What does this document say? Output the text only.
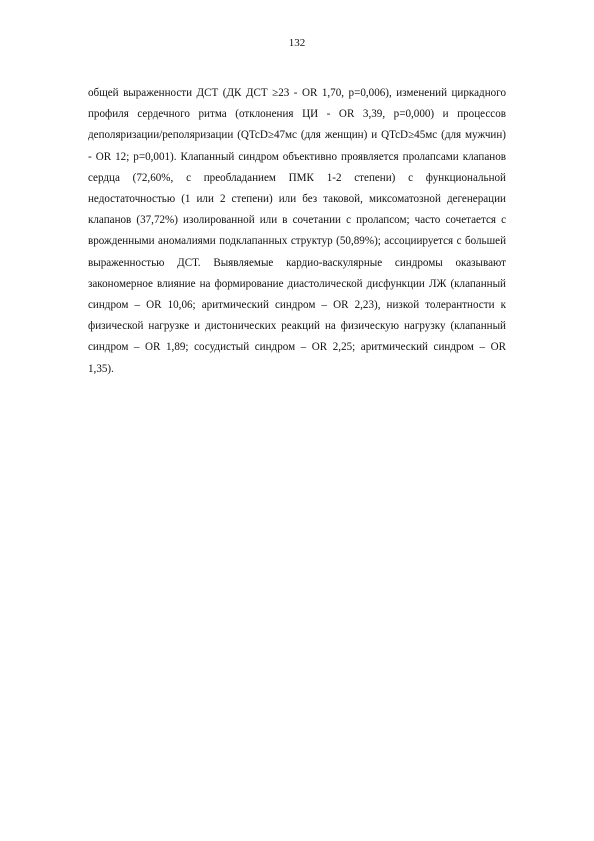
132

общей выраженности ДСТ (ДК ДСТ ≥23 - OR 1,70, p=0,006), изменений циркадного профиля сердечного ритма (отклонения ЦИ - OR 3,39, p=0,000) и процессов деполяризации/реполяризации (QTcD≥47мс (для женщин) и QTcD≥45мс (для мужчин) - OR 12; p=0,001). Клапанный синдром объективно проявляется пролапсами клапанов сердца (72,60%, с преобладанием ПМК 1-2 степени) с функциональной недостаточностью (1 или 2 степени) или без таковой, миксоматозной дегенерации клапанов (37,72%) изолированной или в сочетании с пролапсом; часто сочетается с врожденными аномалиями подклапанных структур (50,89%); ассоциируется с большей выраженностью ДСТ. Выявляемые кардио-васкулярные синдромы оказывают закономерное влияние на формирование диастолической дисфункции ЛЖ (клапанный синдром – OR 10,06; аритмический синдром – OR 2,23), низкой толерантности к физической нагрузке и дистонических реакций на физическую нагрузку (клапанный синдром – OR 1,89; сосудистый синдром – OR 2,25; аритмический синдром – OR 1,35).
